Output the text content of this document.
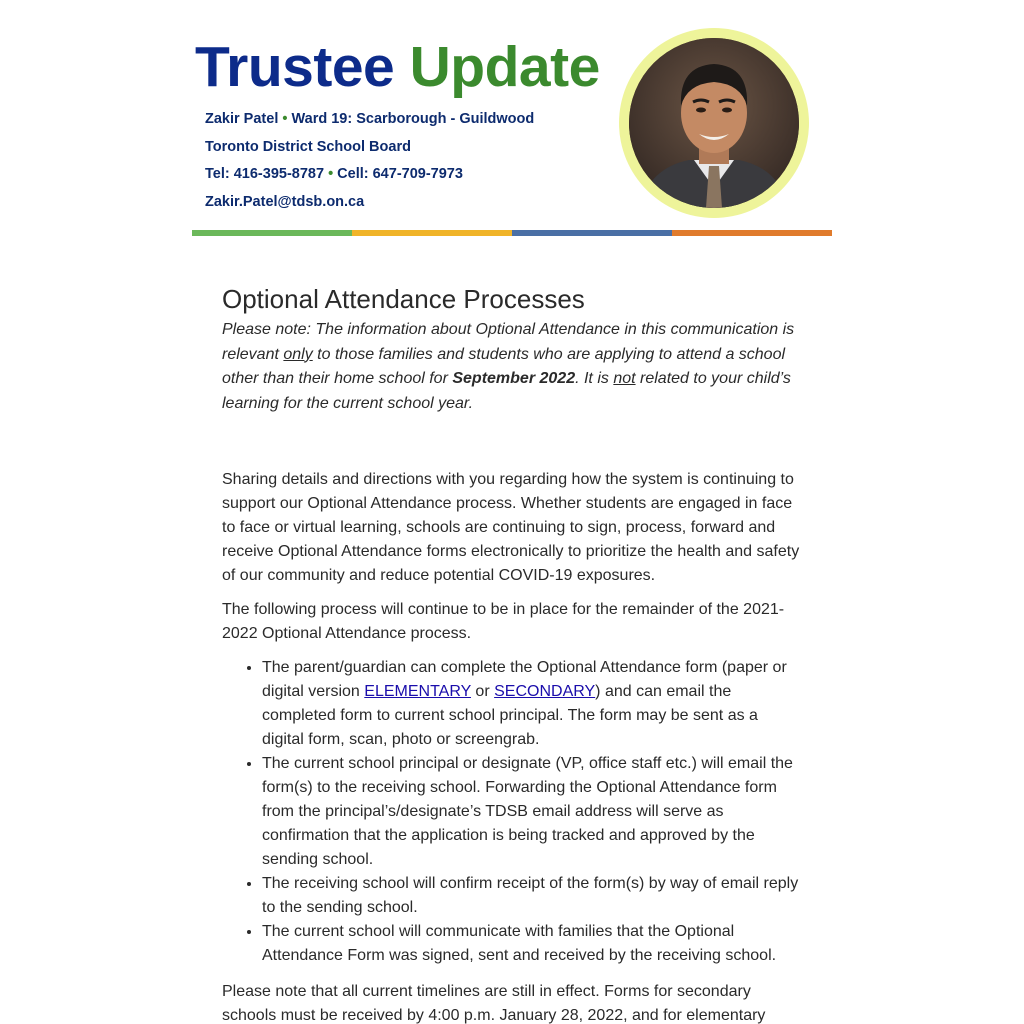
Trustee Update
Zakir Patel • Ward 19: Scarborough - Guildwood
Toronto District School Board
Tel: 416-395-8787 • Cell: 647-709-7973
Zakir.Patel@tdsb.on.ca
Optional Attendance Processes
Please note: The information about Optional Attendance in this communication is relevant only to those families and students who are applying to attend a school other than their home school for September 2022. It is not related to your child’s learning for the current school year.

Sharing details and directions with you regarding how the system is continuing to support our Optional Attendance process. Whether students are engaged in face to face or virtual learning, schools are continuing to sign, process, forward and receive Optional Attendance forms electronically to prioritize the health and safety of our community and reduce potential COVID-19 exposures.

The following process will continue to be in place for the remainder of the 2021-2022 Optional Attendance process.

• The parent/guardian can complete the Optional Attendance form (paper or digital version ELEMENTARY or SECONDARY) and can email the completed form to current school principal. The form may be sent as a digital form, scan, photo or screengrab.
• The current school principal or designate (VP, office staff etc.) will email the form(s) to the receiving school. Forwarding the Optional Attendance form from the principal’s/designate’s TDSB email address will serve as confirmation that the application is being tracked and approved by the sending school.
• The receiving school will confirm receipt of the form(s) by way of email reply to the sending school.
• The current school will communicate with families that the Optional Attendance Form was signed, sent and received by the receiving school.

Please note that all current timelines are still in effect. Forms for secondary schools must be received by 4:00 p.m. January 28, 2022, and for elementary
